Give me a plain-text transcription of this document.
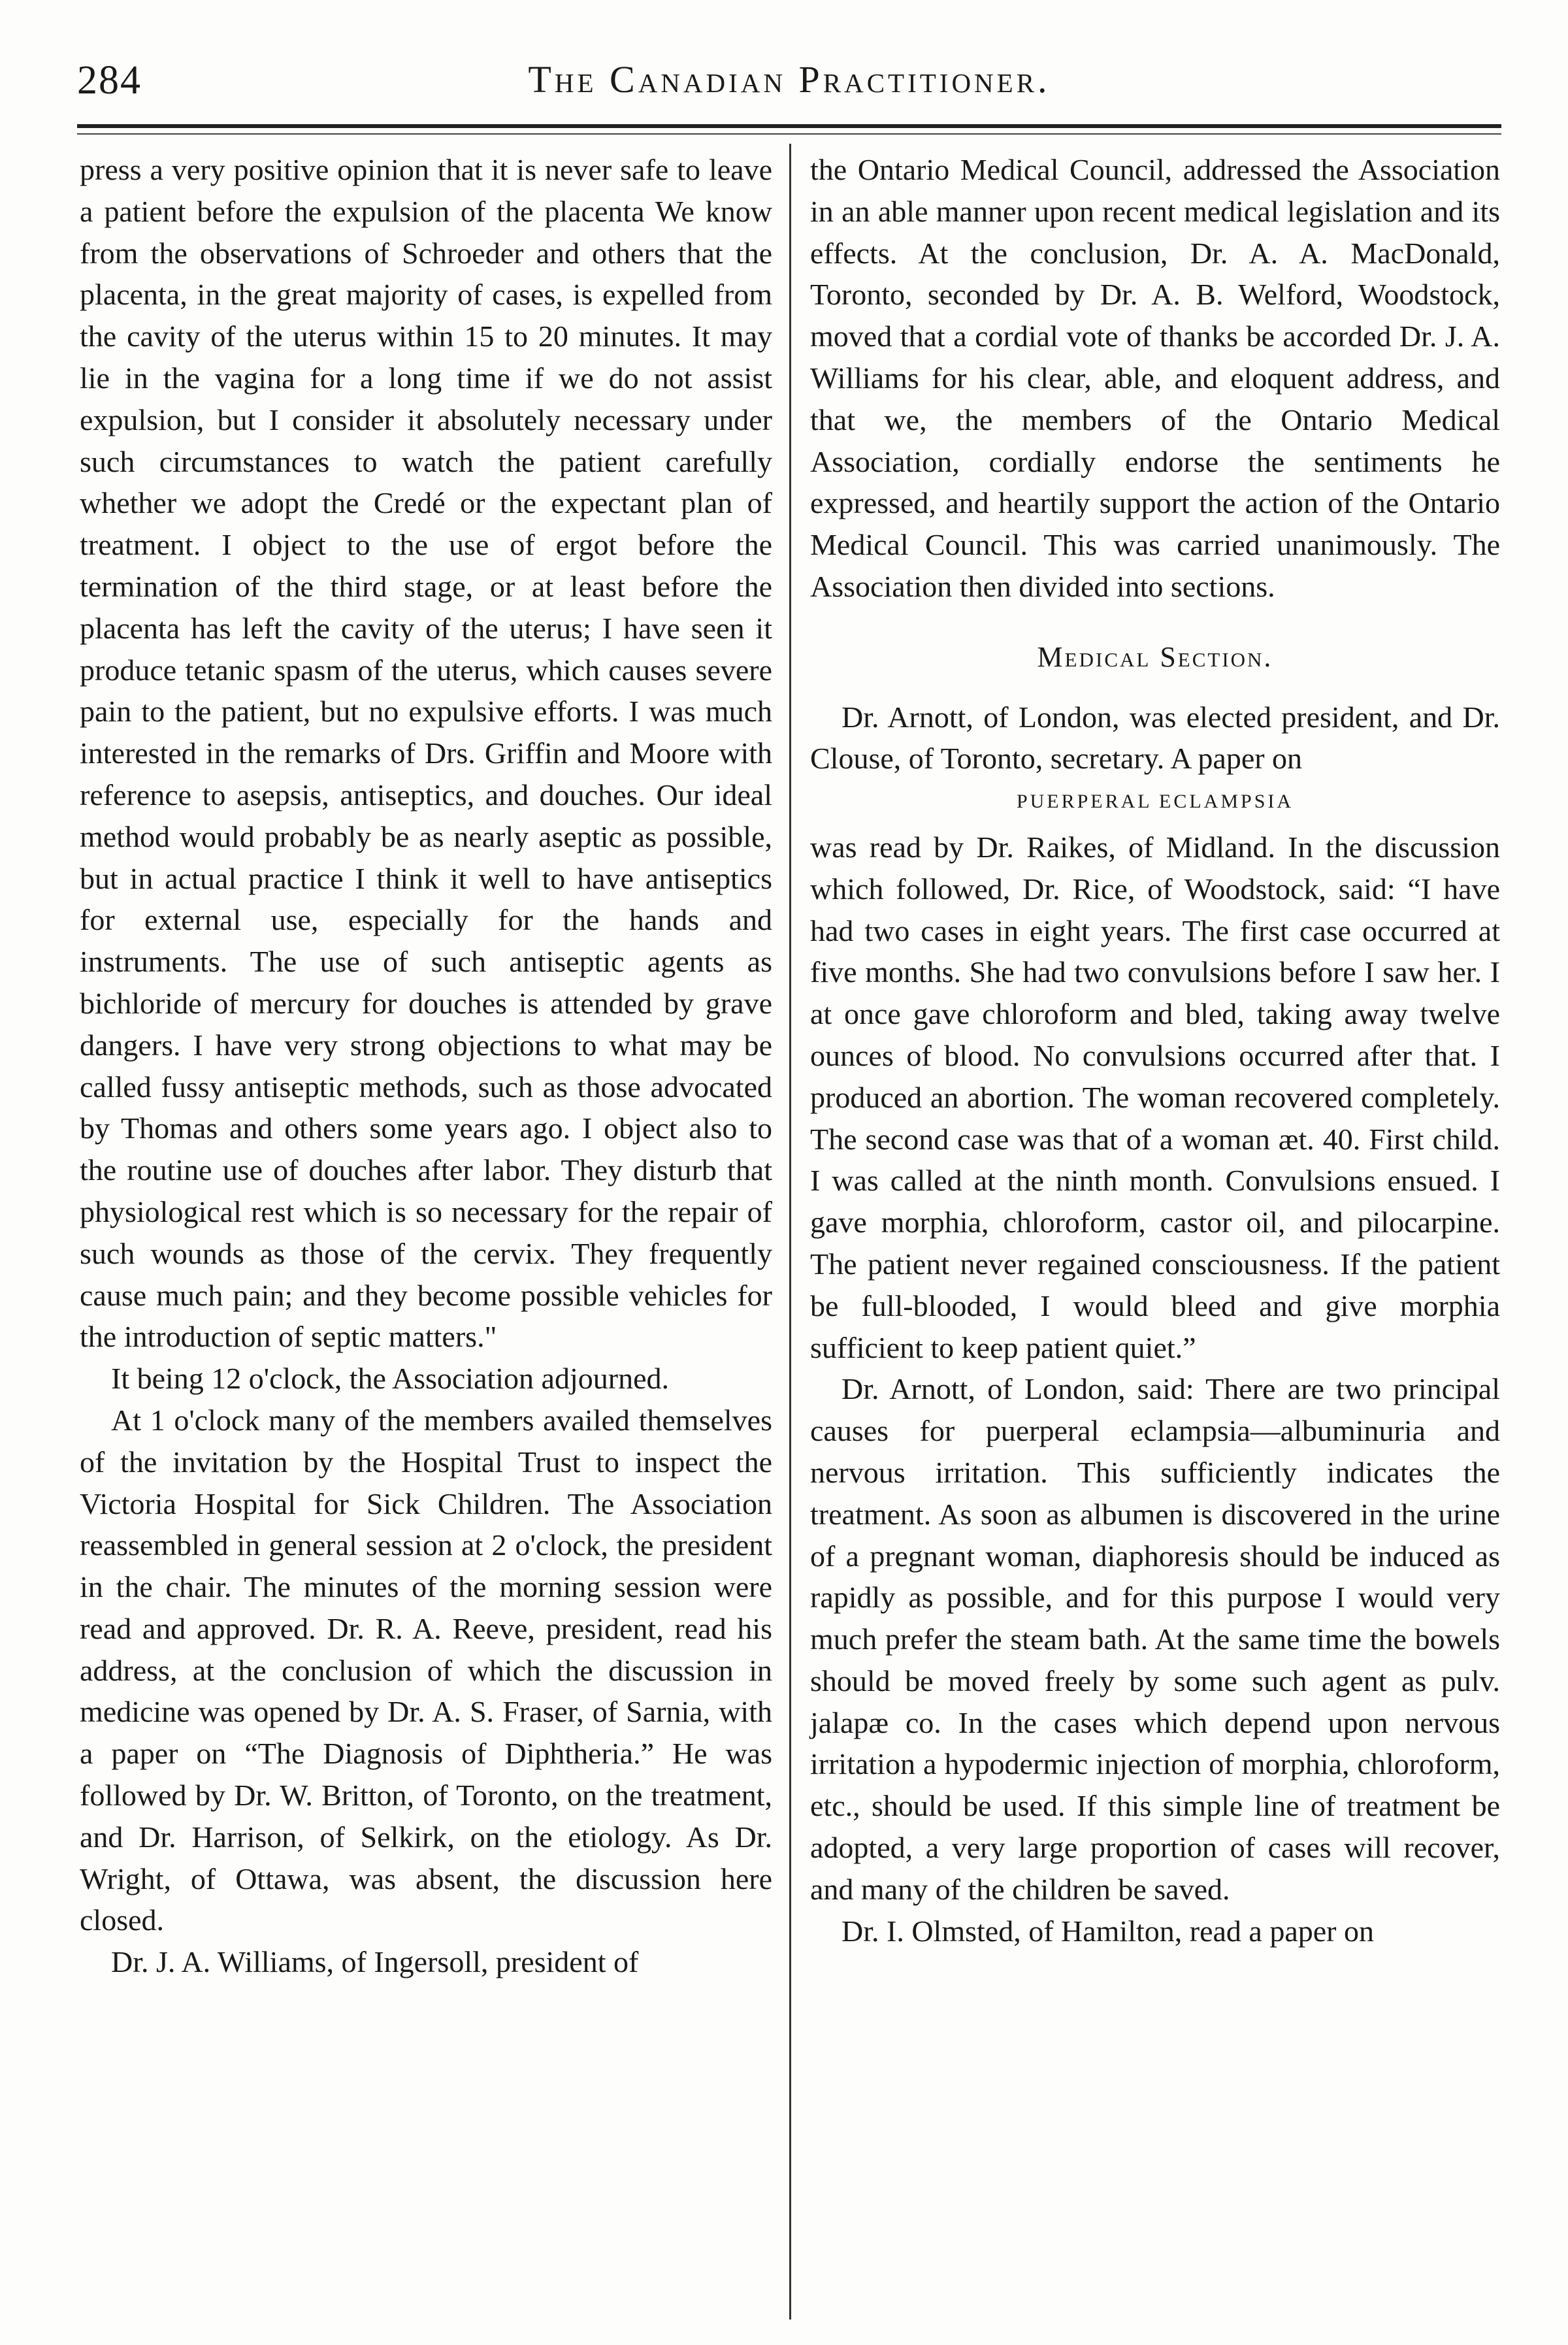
284	The Canadian Practitioner.

press a very positive opinion that it is never safe to leave a patient before the expulsion of the placenta We know from the observations of Schroeder and others that the placenta, in the great majority of cases, is expelled from the cavity of the uterus within 15 to 20 minutes. It may lie in the vagina for a long time if we do not assist expulsion, but I consider it absolutely necessary under such circumstances to watch the patient carefully whether we adopt the Credé or the expectant plan of treatment. I object to the use of ergot before the termination of the third stage, or at least before the placenta has left the cavity of the uterus; I have seen it produce tetanic spasm of the uterus, which causes severe pain to the patient, but no expulsive efforts. I was much interested in the remarks of Drs. Griffin and Moore with reference to asepsis, antiseptics, and douches. Our ideal method would probably be as nearly aseptic as possible, but in actual practice I think it well to have antiseptics for external use, especially for the hands and instruments. The use of such antiseptic agents as bichloride of mercury for douches is attended by grave dangers. I have very strong objections to what may be called fussy antiseptic methods, such as those advocated by Thomas and others some years ago. I object also to the routine use of douches after labor. They disturb that physiological rest which is so necessary for the repair of such wounds as those of the cervix. They frequently cause much pain; and they become possible vehicles for the introduction of septic matters."

It being 12 o'clock, the Association adjourned.

At 1 o'clock many of the members availed themselves of the invitation by the Hospital Trust to inspect the Victoria Hospital for Sick Children. The Association reassembled in general session at 2 o'clock, the president in the chair. The minutes of the morning session were read and approved. Dr. R. A. Reeve, president, read his address, at the conclusion of which the discussion in medicine was opened by Dr. A. S. Fraser, of Sarnia, with a paper on “The Diagnosis of Diphtheria.” He was followed by Dr. W. Britton, of Toronto, on the treatment, and Dr. Harrison, of Selkirk, on the etiology. As Dr. Wright, of Ottawa, was absent, the discussion here closed.

Dr. J. A. Williams, of Ingersoll, president of

the Ontario Medical Council, addressed the Association in an able manner upon recent medical legislation and its effects. At the conclusion, Dr. A. A. MacDonald, Toronto, seconded by Dr. A. B. Welford, Woodstock, moved that a cordial vote of thanks be accorded Dr. J. A. Williams for his clear, able, and eloquent address, and that we, the members of the Ontario Medical Association, cordially endorse the sentiments he expressed, and heartily support the action of the Ontario Medical Council. This was carried unanimously. The Association then divided into sections.

Medical Section.

Dr. Arnott, of London, was elected president, and Dr. Clouse, of Toronto, secretary. A paper on

PUERPERAL ECLAMPSIA

was read by Dr. Raikes, of Midland. In the discussion which followed, Dr. Rice, of Woodstock, said: “I have had two cases in eight years. The first case occurred at five months. She had two convulsions before I saw her. I at once gave chloroform and bled, taking away twelve ounces of blood. No convulsions occurred after that. I produced an abortion. The woman recovered completely. The second case was that of a woman æt. 40. First child. I was called at the ninth month. Convulsions ensued. I gave morphia, chloroform, castor oil, and pilocarpine. The patient never regained consciousness. If the patient be full-blooded, I would bleed and give morphia sufficient to keep patient quiet.”

Dr. Arnott, of London, said: There are two principal causes for puerperal eclampsia—albuminuria and nervous irritation. This sufficiently indicates the treatment. As soon as albumen is discovered in the urine of a pregnant woman, diaphoresis should be induced as rapidly as possible, and for this purpose I would very much prefer the steam bath. At the same time the bowels should be moved freely by some such agent as pulv. jalapæ co. In the cases which depend upon nervous irritation a hypodermic injection of morphia, chloroform, etc., should be used. If this simple line of treatment be adopted, a very large proportion of cases will recover, and many of the children be saved.

Dr. I. Olmsted, of Hamilton, read a paper on
